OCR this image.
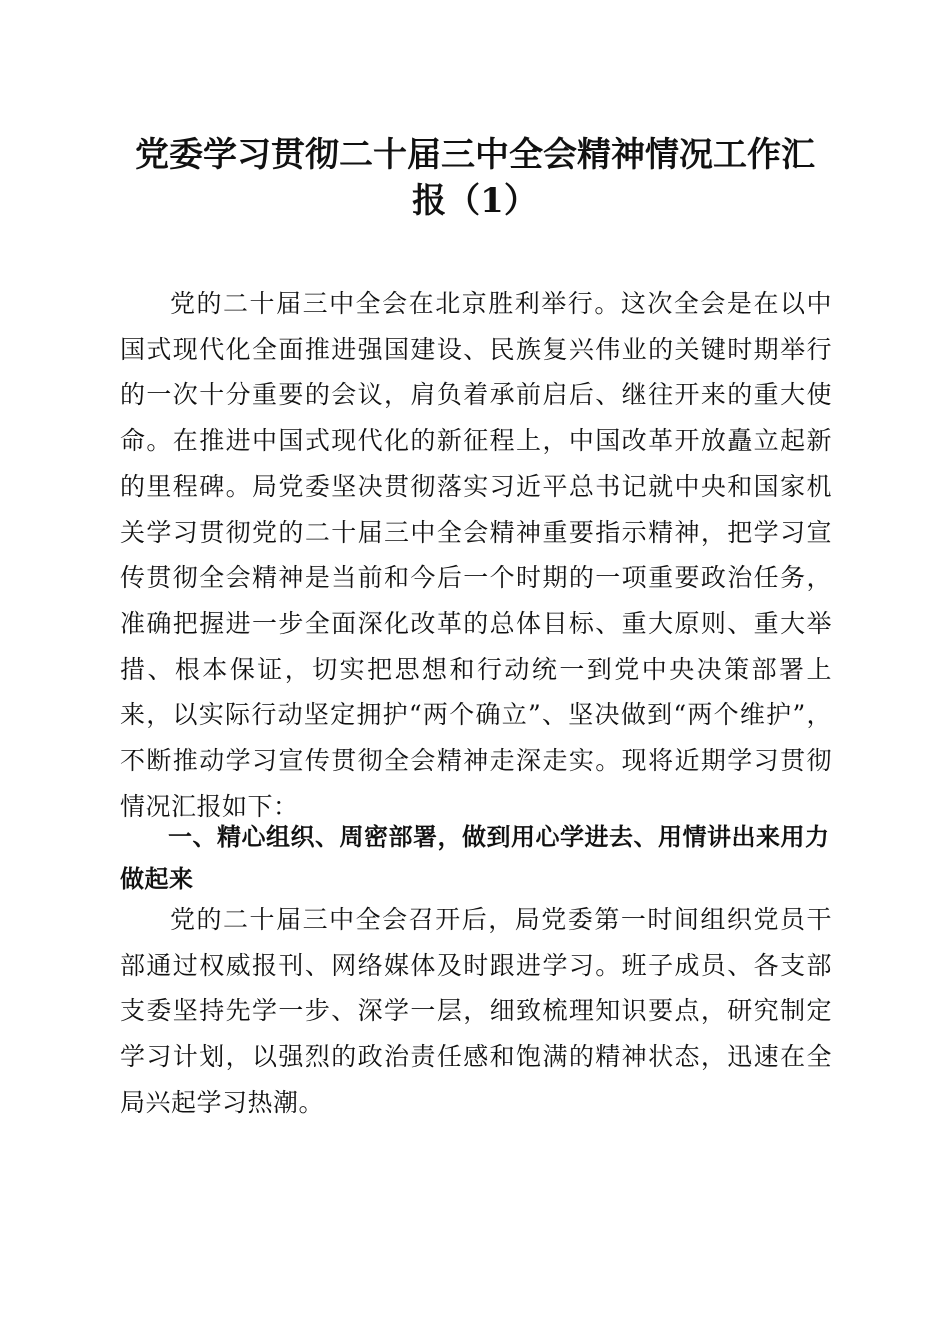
党委学习贯彻二十届三中全会精神情况工作汇
报（1）

党的二十届三中全会在北京胜利举行。这次全会是在以中国式现代化全面推进强国建设、民族复兴伟业的关键时期举行的一次十分重要的会议，肩负着承前启后、继往开来的重大使命。在推进中国式现代化的新征程上，中国改革开放矗立起新的里程碑。局党委坚决贯彻落实习近平总书记就中央和国家机关学习贯彻党的二十届三中全会精神重要指示精神，把学习宣传贯彻全会精神是当前和今后一个时期的一项重要政治任务，准确把握进一步全面深化改革的总体目标、重大原则、重大举措、根本保证，切实把思想和行动统一到党中央决策部署上来，以实际行动坚定拥护“两个确立”、坚决做到“两个维护”，不断推动学习宣传贯彻全会精神走深走实。现将近期学习贯彻情况汇报如下：

一、精心组织、周密部署，做到用心学进去、用情讲出来用力做起来

党的二十届三中全会召开后，局党委第一时间组织党员干部通过权威报刊、网络媒体及时跟进学习。班子成员、各支部支委坚持先学一步、深学一层，细致梳理知识要点，研究制定学习计划，以强烈的政治责任感和饱满的精神状态，迅速在全局兴起学习热潮。
